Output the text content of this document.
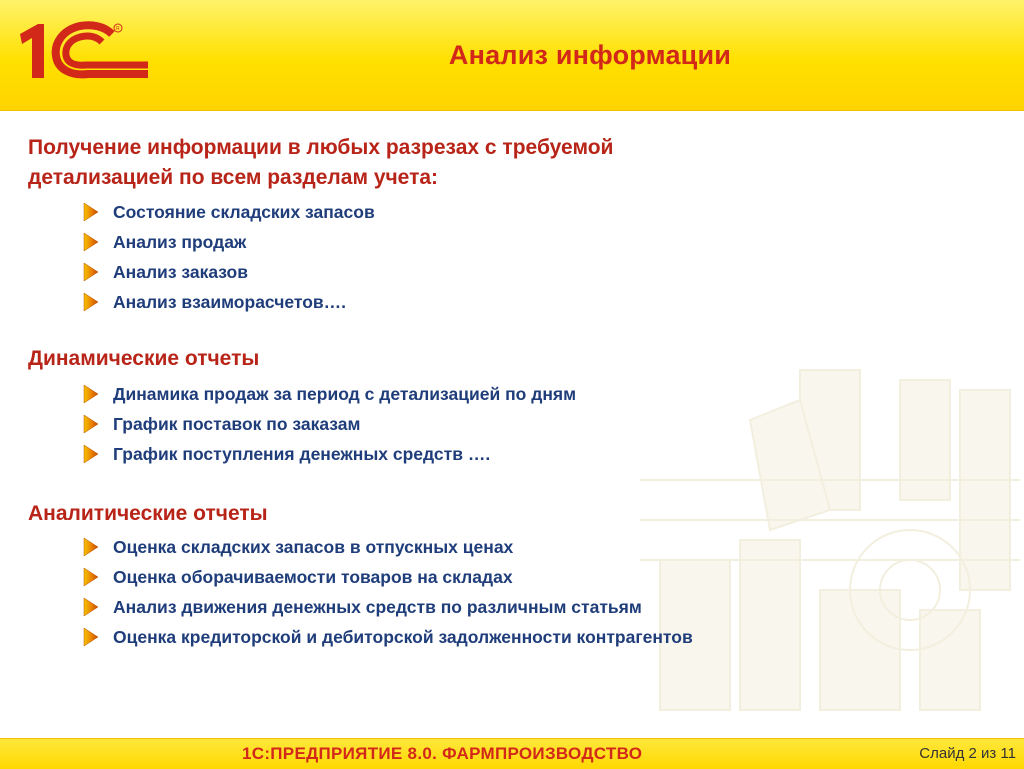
R
Анализ информации
Получение информации в любых разрезах с требуемой
детализацией по всем разделам учета:
Состояние складских запасов
Анализ продаж
Анализ заказов
Анализ взаиморасчетов….
Динамические отчеты
Динамика продаж за период с детализацией по дням
График поставок по заказам
График поступления денежных средств ….
Аналитические отчеты
Оценка складских запасов в отпускных ценах
Оценка оборачиваемости товаров на складах
Анализ движения денежных средств по различным статьям
Оценка кредиторской и дебиторской задолженности контрагентов
1С:ПРЕДПРИЯТИЕ 8.0. ФАРМПРОИЗВОДСТВО	Слайд 2 из 11
